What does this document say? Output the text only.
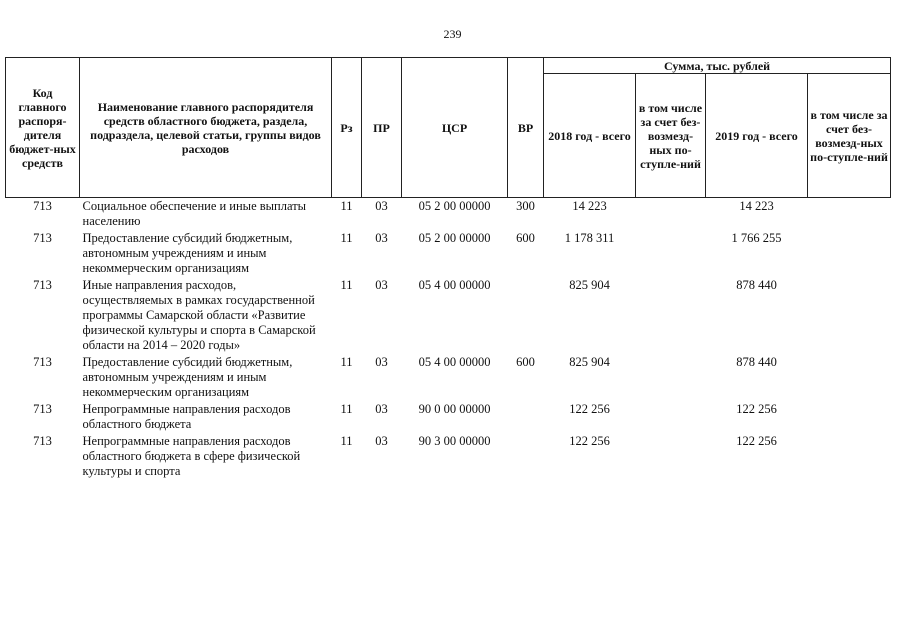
239
Код главного распоря-дителя бюджет-ных средств	Наименование главного распорядителя средств областного бюджета, раздела, подраздела, целевой статьи, группы видов расходов	Рз	ПР	ЦСР	ВР	Сумма, тыс. рублей			
						2018 год - всего	в том числе за счет без-возмезд-ных по-ступле-ний	2019 год - всего	в том числе за счет без-возмезд-ных по-ступле-ний
713	Социальное обеспечение и иные выплаты населению	11	03	05 2 00 00000	300	14 223		14 223	
713	Предоставление субсидий бюджетным, автономным учреждениям и иным некоммерческим организациям	11	03	05 2 00 00000	600	1 178 311		1 766 255	
713	Иные направления расходов, осуществляемых в рамках государственной программы Самарской области «Развитие физической культуры и спорта в Самарской области на 2014 – 2020 годы»	11	03	05 4 00 00000		825 904		878 440	
713	Предоставление субсидий бюджетным, автономным учреждениям и иным некоммерческим организациям	11	03	05 4 00 00000	600	825 904		878 440	
713	Непрограммные направления расходов областного бюджета	11	03	90 0 00 00000		122 256		122 256	
713	Непрограммные направления расходов областного бюджета в сфере физической культуры и спорта	11	03	90 3 00 00000		122 256		122 256	
